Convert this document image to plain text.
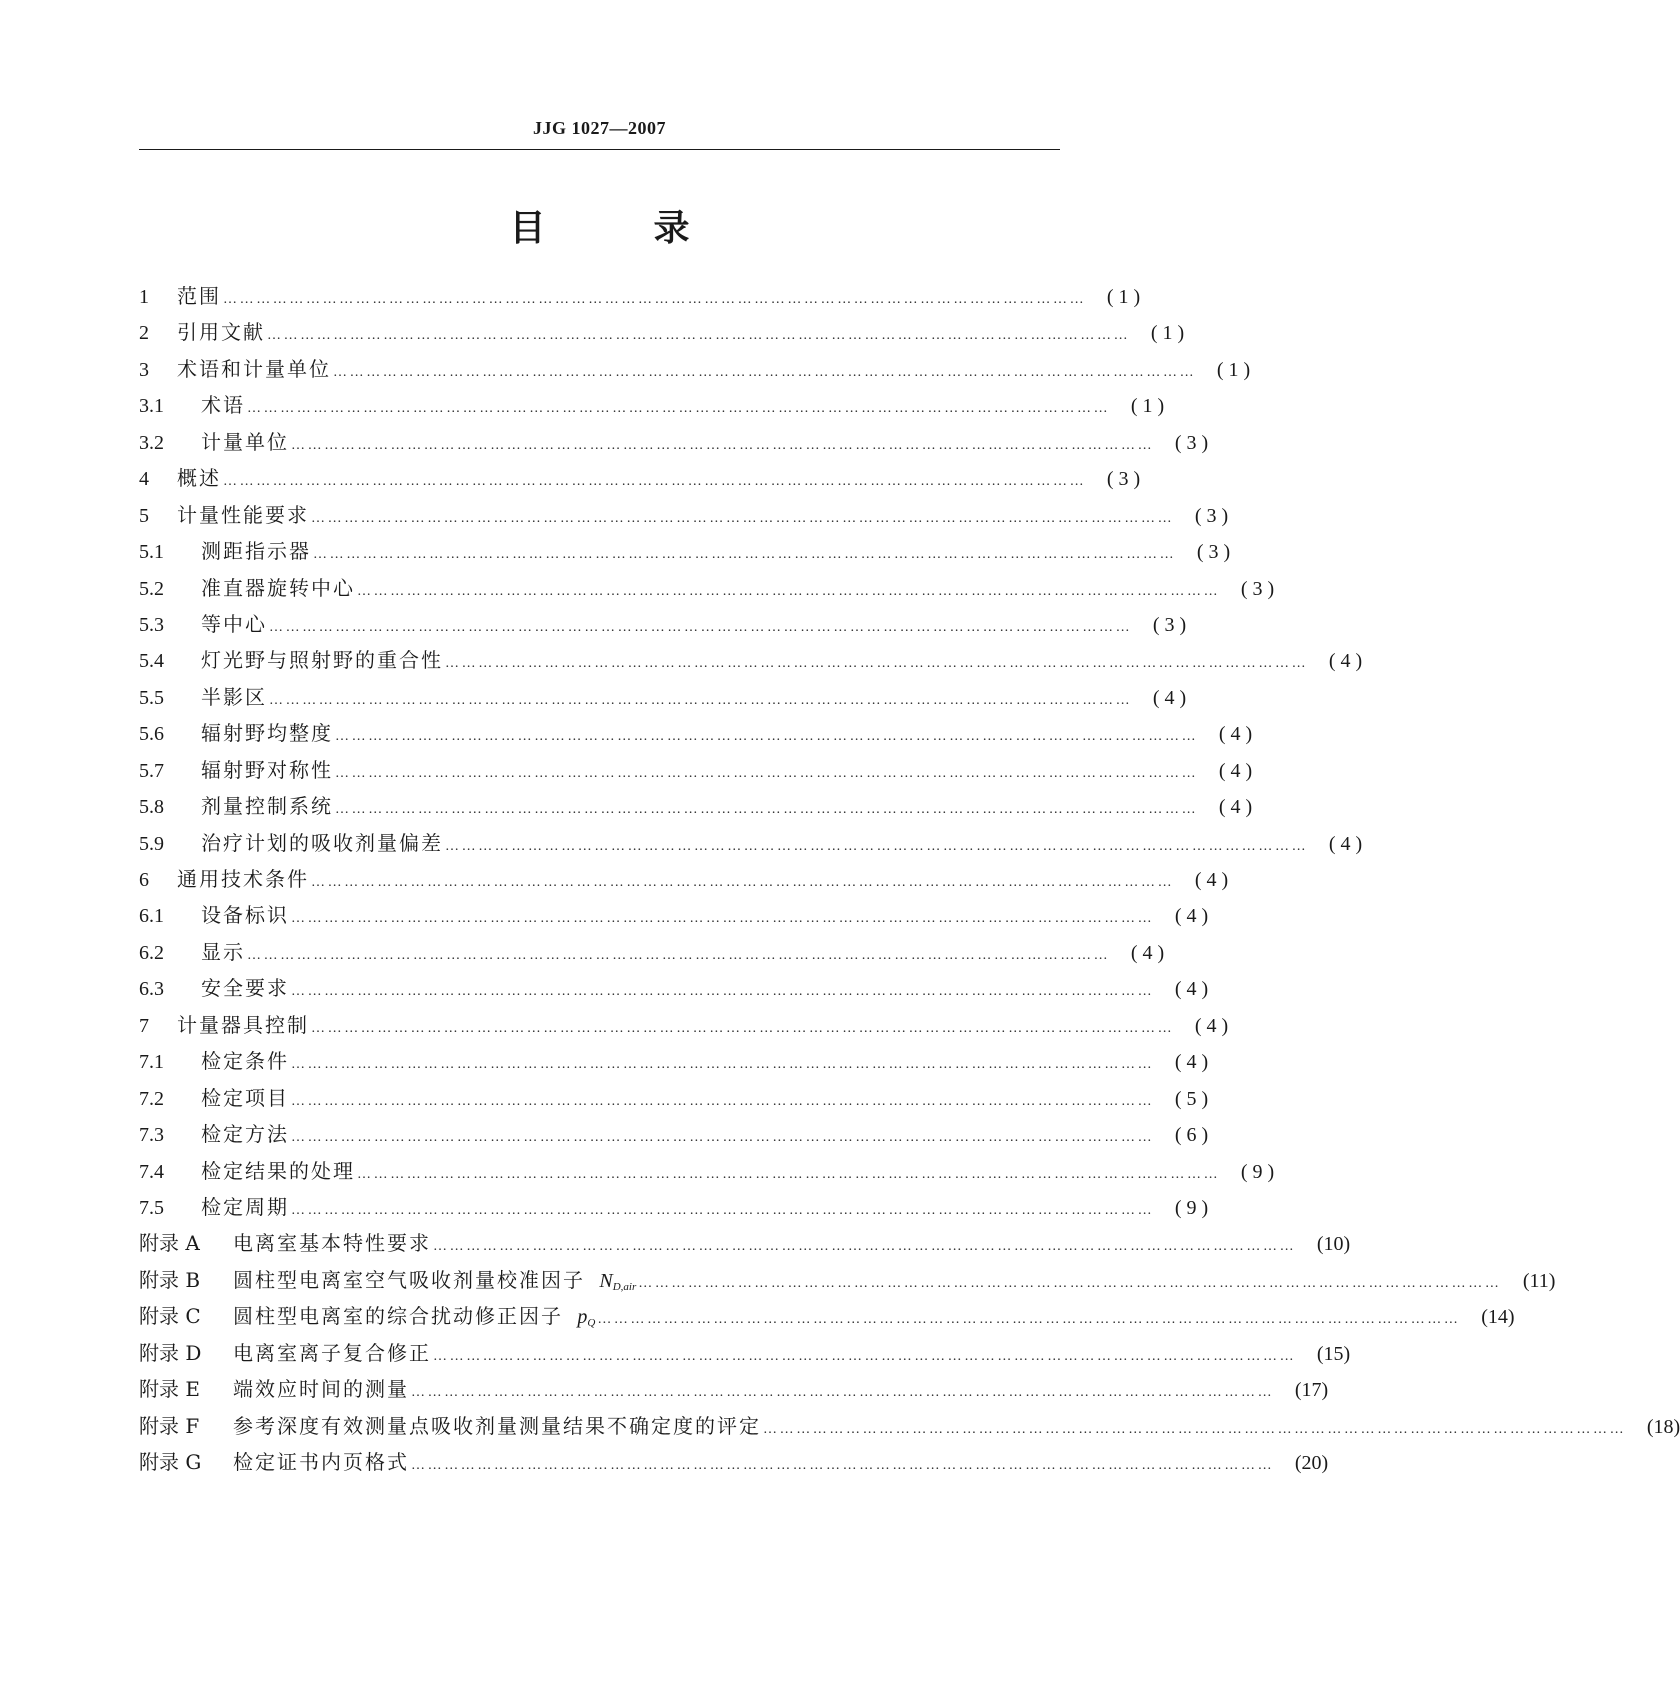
JJG 1027—2007
目　　　录
1	范围 …………………………………………………………………………………………………………………………………………	( 1 )
2	引用文献 …………………………………………………………………………………………………………………………………………	( 1 )
3	术语和计量单位 …………………………………………………………………………………………………………………………………………	( 1 )
3.1	术语 …………………………………………………………………………………………………………………………………………	( 1 )
3.2	计量单位 …………………………………………………………………………………………………………………………………………	( 3 )
4	概述 …………………………………………………………………………………………………………………………………………	( 3 )
5	计量性能要求 …………………………………………………………………………………………………………………………………………	( 3 )
5.1	测距指示器 …………………………………………………………………………………………………………………………………………	( 3 )
5.2	准直器旋转中心 …………………………………………………………………………………………………………………………………………	( 3 )
5.3	等中心 …………………………………………………………………………………………………………………………………………	( 3 )
5.4	灯光野与照射野的重合性 …………………………………………………………………………………………………………………………………………	( 4 )
5.5	半影区 …………………………………………………………………………………………………………………………………………	( 4 )
5.6	辐射野均整度 …………………………………………………………………………………………………………………………………………	( 4 )
5.7	辐射野对称性 …………………………………………………………………………………………………………………………………………	( 4 )
5.8	剂量控制系统 …………………………………………………………………………………………………………………………………………	( 4 )
5.9	治疗计划的吸收剂量偏差 …………………………………………………………………………………………………………………………………………	( 4 )
6	通用技术条件 …………………………………………………………………………………………………………………………………………	( 4 )
6.1	设备标识 …………………………………………………………………………………………………………………………………………	( 4 )
6.2	显示 …………………………………………………………………………………………………………………………………………	( 4 )
6.3	安全要求 …………………………………………………………………………………………………………………………………………	( 4 )
7	计量器具控制 …………………………………………………………………………………………………………………………………………	( 4 )
7.1	检定条件 …………………………………………………………………………………………………………………………………………	( 4 )
7.2	检定项目 …………………………………………………………………………………………………………………………………………	( 5 )
7.3	检定方法 …………………………………………………………………………………………………………………………………………	( 6 )
7.4	检定结果的处理 …………………………………………………………………………………………………………………………………………	( 9 )
7.5	检定周期 …………………………………………………………………………………………………………………………………………	( 9 )
附录 A	电离室基本特性要求 …………………………………………………………………………………………………………………………………………	(10)
附录 B	圆柱型电离室空气吸收剂量校准因子 $N_{D,air}$ …………………………………………………………………………………………………………………………………………	(11)
附录 C	圆柱型电离室的综合扰动修正因子 $p_Q$ …………………………………………………………………………………………………………………………………………	(14)
附录 D	电离室离子复合修正 …………………………………………………………………………………………………………………………………………	(15)
附录 E	端效应时间的测量 …………………………………………………………………………………………………………………………………………	(17)
附录 F	参考深度有效测量点吸收剂量测量结果不确定度的评定 …………………………………………………………………………………………………………………………………………	(18)
附录 G	检定证书内页格式 …………………………………………………………………………………………………………………………………………	(20)
